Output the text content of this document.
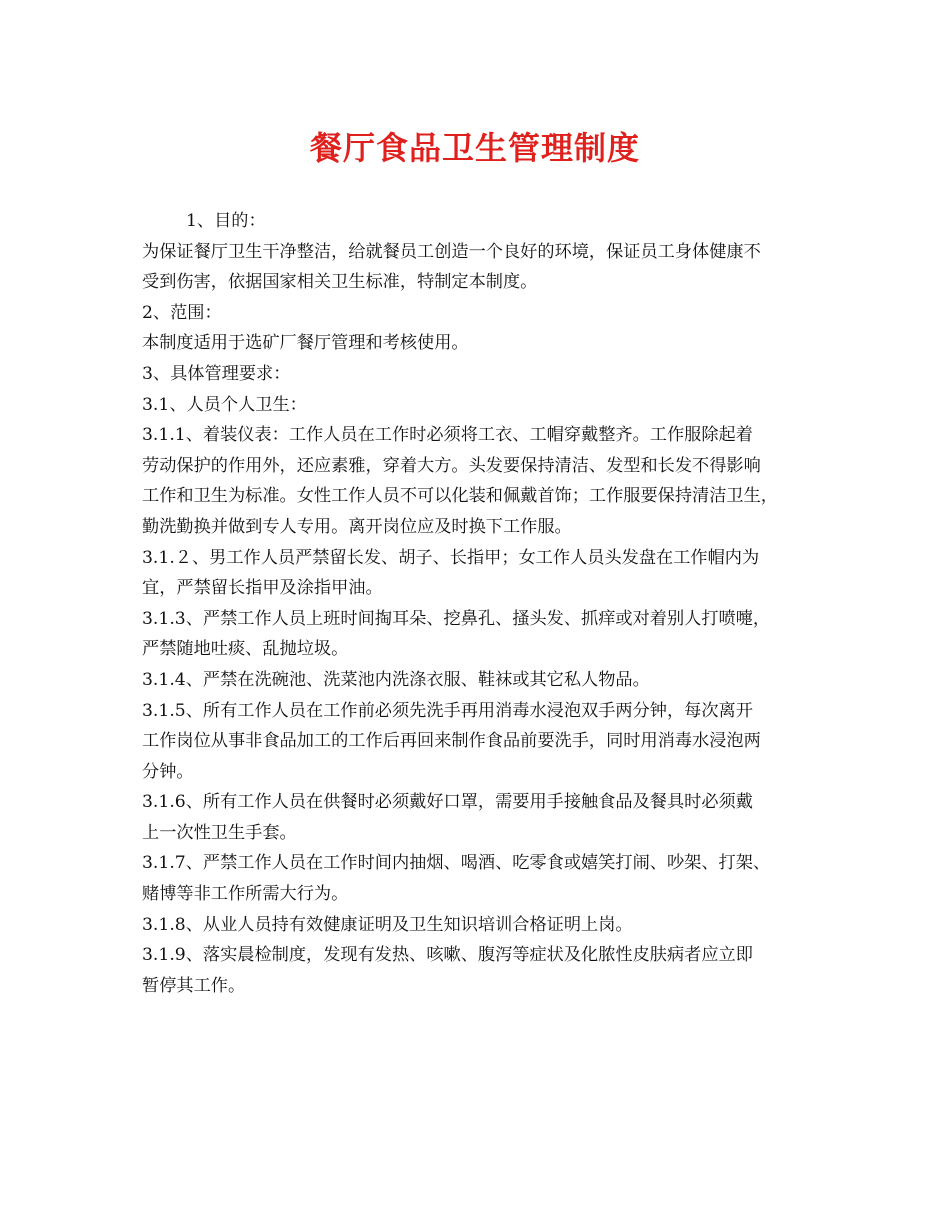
餐厅食品卫生管理制度
1、目的：
为保证餐厅卫生干净整洁，给就餐员工创造一个良好的环境，保证员工身体健康不
受到伤害，依据国家相关卫生标准，特制定本制度。
2、范围：
本制度适用于选矿厂餐厅管理和考核使用。
3、具体管理要求：
3.1、人员个人卫生：
3.1.1、着装仪表：工作人员在工作时必须将工衣、工帽穿戴整齐。工作服除起着
劳动保护的作用外，还应素雅，穿着大方。头发要保持清洁、发型和长发不得影响
工作和卫生为标准。女性工作人员不可以化装和佩戴首饰；工作服要保持清洁卫生，
勤洗勤换并做到专人专用。离开岗位应及时换下工作服。
3.1.２、男工作人员严禁留长发、胡子、长指甲；女工作人员头发盘在工作帽内为
宜，严禁留长指甲及涂指甲油。
3.1.3、严禁工作人员上班时间掏耳朵、挖鼻孔、搔头发、抓痒或对着别人打喷嚏，
严禁随地吐痰、乱抛垃圾。
3.1.4、严禁在洗碗池、洗菜池内洗涤衣服、鞋袜或其它私人物品。
3.1.5、所有工作人员在工作前必须先洗手再用消毒水浸泡双手两分钟，每次离开
工作岗位从事非食品加工的工作后再回来制作食品前要洗手，同时用消毒水浸泡两
分钟。
3.1.6、所有工作人员在供餐时必须戴好口罩，需要用手接触食品及餐具时必须戴
上一次性卫生手套。
3.1.7、严禁工作人员在工作时间内抽烟、喝酒、吃零食或嬉笑打闹、吵架、打架、
赌博等非工作所需大行为。
3.1.8、从业人员持有效健康证明及卫生知识培训合格证明上岗。
3.1.9、落实晨检制度，发现有发热、咳嗽、腹泻等症状及化脓性皮肤病者应立即
暂停其工作。
